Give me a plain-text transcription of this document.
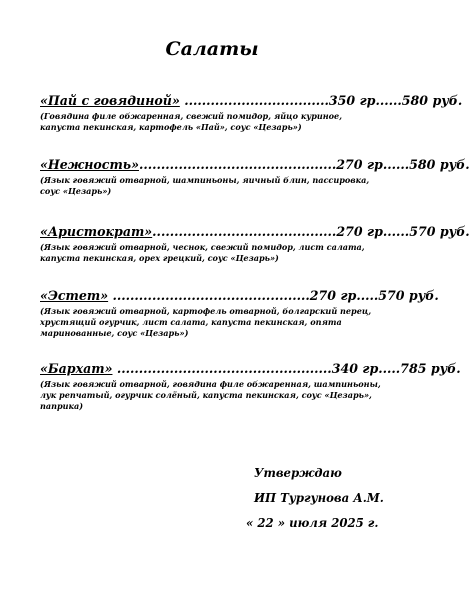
Салаты
«Пай с говядиной» .................................350 гр......580 руб.
(Говядина филе обжаренная, свежий помидор, яйцо куриное, капуста пекинская, картофель «Пай», соус «Цезарь»)
«Нежность».............................................270 гр......580 руб.
(Язык говяжий отварной, шампиньоны, яичный блин, пассировка, соус «Цезарь»)
«Аристократ»..........................................270 гр......570 руб.
(Язык говяжий отварной, чеснок, свежий помидор, лист салата, капуста пекинская, орех грецкий, соус «Цезарь»)
«Эстет» .............................................270 гр.....570 руб.
(Язык говяжий отварной, картофель отварной, болгарский перец, хрустящий огурчик, лист салата, капуста пекинская, опята маринованные, соус «Цезарь»)
«Бархат» .................................................340 гр.....785 руб.
(Язык говяжий отварной, говядина филе обжаренная, шампиньоны, лук репчатый, огурчик солёный, капуста пекинская, соус «Цезарь», паприка)
Утверждаю
ИП Тургунова А.М.
« 22 » июля 2025 г.
